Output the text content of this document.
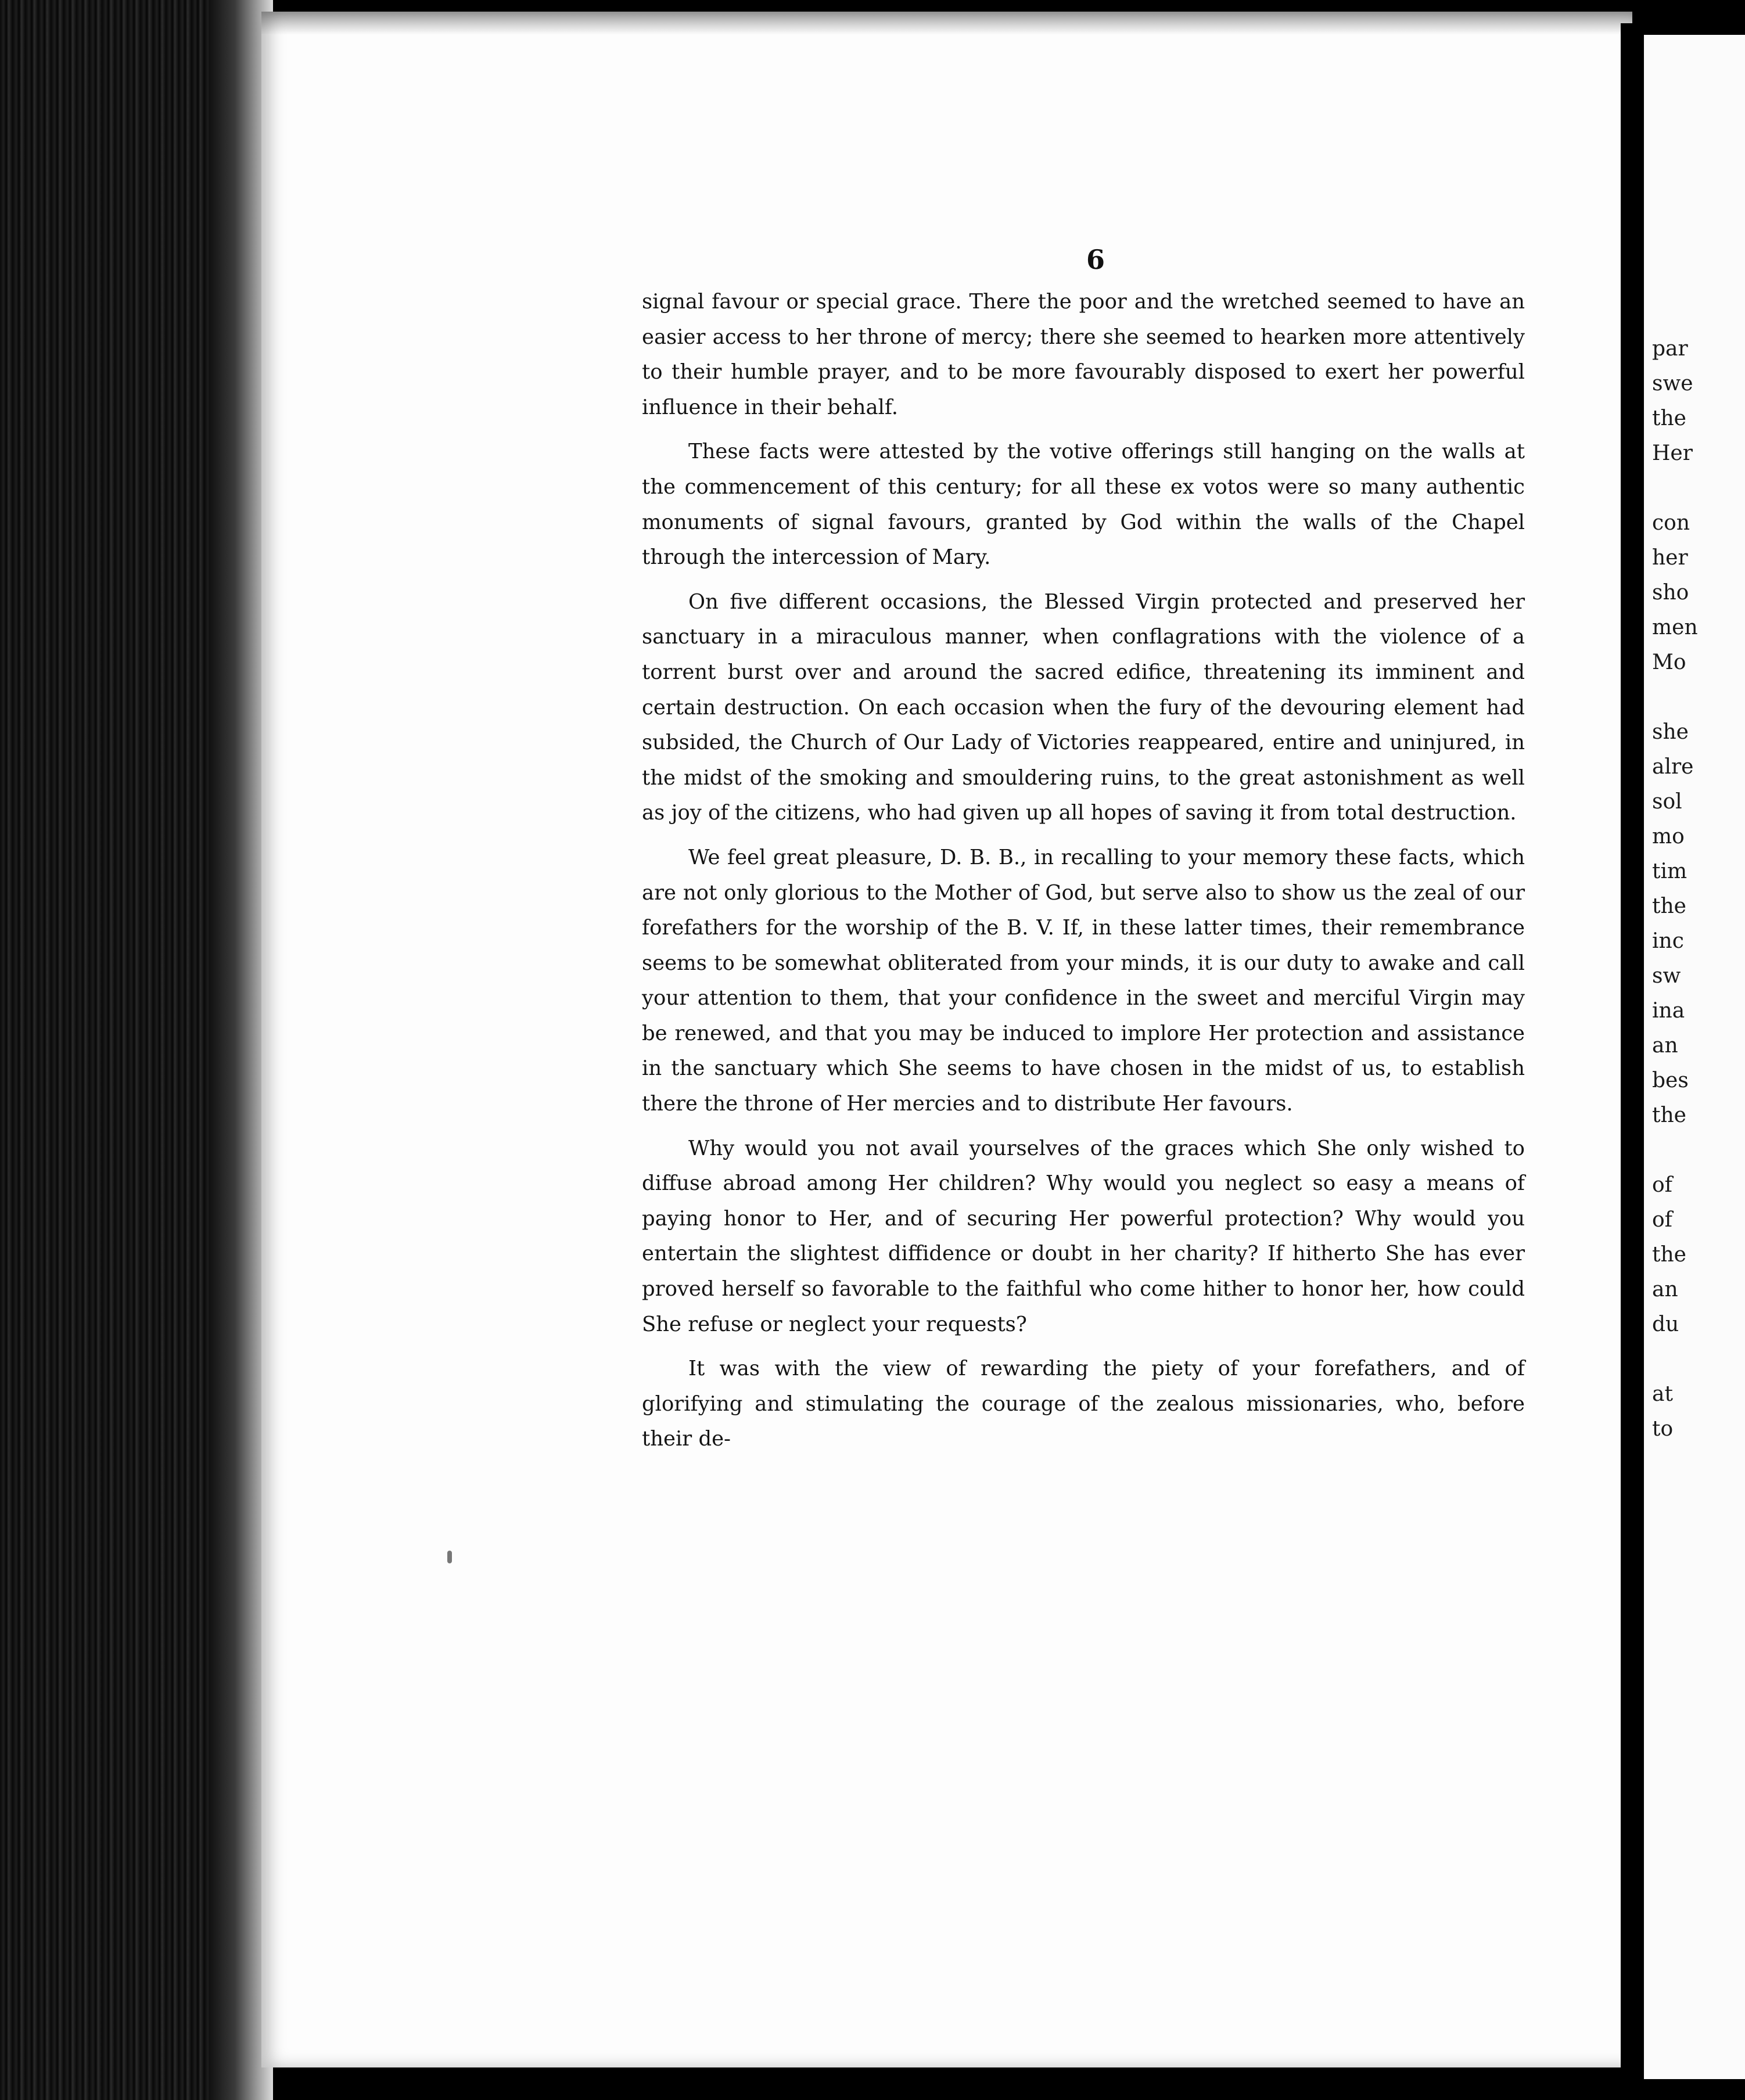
par
swe
the
Her
con
her
sho
men
Mo
she
alre
sol
mo
tim
the
inc
sw
ina
an
bes
the
of
of
the
an
du
at
to
6

signal favour or special grace. There the poor and the wretched seemed to have an easier access to her throne of mercy; there she seemed to hearken more attentively to their humble prayer, and to be more favourably disposed to exert her powerful influence in their behalf.

These facts were attested by the votive offerings still hanging on the walls at the commencement of this century; for all these ex votos were so many authentic monuments of signal favours, granted by God within the walls of the Chapel through the intercession of Mary.

On five different occasions, the Blessed Virgin protected and preserved her sanctuary in a miraculous manner, when conflagrations with the violence of a torrent burst over and around the sacred edifice, threatening its imminent and certain destruction. On each occasion when the fury of the devouring element had subsided, the Church of Our Lady of Victories reappeared, entire and uninjured, in the midst of the smoking and smouldering ruins, to the great astonishment as well as joy of the citizens, who had given up all hopes of saving it from total destruction.

We feel great pleasure, D. B. B., in recalling to your memory these facts, which are not only glorious to the Mother of God, but serve also to show us the zeal of our forefathers for the worship of the B. V. If, in these latter times, their remembrance seems to be somewhat obliterated from your minds, it is our duty to awake and call your attention to them, that your confidence in the sweet and merciful Virgin may be renewed, and that you may be induced to implore Her protection and assistance in the sanctuary which She seems to have chosen in the midst of us, to establish there the throne of Her mercies and to distribute Her favours.

Why would you not avail yourselves of the graces which She only wished to diffuse abroad among Her children? Why would you neglect so easy a means of paying honor to Her, and of securing Her powerful protection? Why would you entertain the slightest diffidence or doubt in her charity? If hitherto She has ever proved herself so favorable to the faithful who come hither to honor her, how could She refuse or neglect your requests?

It was with the view of rewarding the piety of your forefathers, and of glorifying and stimulating the courage of the zealous missionaries, who, before their de-
